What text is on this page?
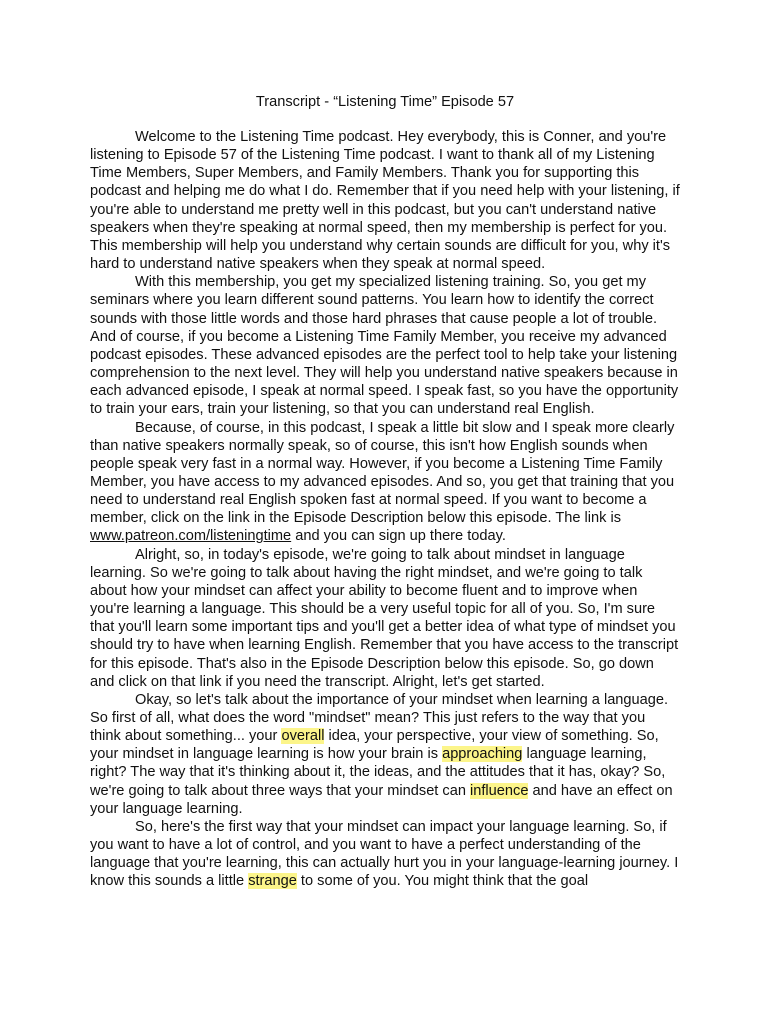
Transcript - “Listening Time” Episode 57

Welcome to the Listening Time podcast. Hey everybody, this is Conner, and you're listening to Episode 57 of the Listening Time podcast. I want to thank all of my Listening Time Members, Super Members, and Family Members. Thank you for supporting this podcast and helping me do what I do. Remember that if you need help with your listening, if you're able to understand me pretty well in this podcast, but you can't understand native speakers when they're speaking at normal speed, then my membership is perfect for you. This membership will help you understand why certain sounds are difficult for you, why it's hard to understand native speakers when they speak at normal speed.

With this membership, you get my specialized listening training. So, you get my seminars where you learn different sound patterns. You learn how to identify the correct sounds with those little words and those hard phrases that cause people a lot of trouble. And of course, if you become a Listening Time Family Member, you receive my advanced podcast episodes. These advanced episodes are the perfect tool to help take your listening comprehension to the next level. They will help you understand native speakers because in each advanced episode, I speak at normal speed. I speak fast, so you have the opportunity to train your ears, train your listening, so that you can understand real English.

Because, of course, in this podcast, I speak a little bit slow and I speak more clearly than native speakers normally speak, so of course, this isn't how English sounds when people speak very fast in a normal way. However, if you become a Listening Time Family Member, you have access to my advanced episodes. And so, you get that training that you need to understand real English spoken fast at normal speed. If you want to become a member, click on the link in the Episode Description below this episode. The link is www.patreon.com/listeningtime and you can sign up there today.

Alright, so, in today's episode, we're going to talk about mindset in language learning. So we're going to talk about having the right mindset, and we're going to talk about how your mindset can affect your ability to become fluent and to improve when you're learning a language. This should be a very useful topic for all of you. So, I'm sure that you'll learn some important tips and you'll get a better idea of what type of mindset you should try to have when learning English. Remember that you have access to the transcript for this episode. That's also in the Episode Description below this episode. So, go down and click on that link if you need the transcript. Alright, let's get started.

Okay, so let's talk about the importance of your mindset when learning a language. So first of all, what does the word "mindset" mean? This just refers to the way that you think about something... your overall idea, your perspective, your view of something. So, your mindset in language learning is how your brain is approaching language learning, right? The way that it's thinking about it, the ideas, and the attitudes that it has, okay? So, we're going to talk about three ways that your mindset can influence and have an effect on your language learning.

So, here's the first way that your mindset can impact your language learning. So, if you want to have a lot of control, and you want to have a perfect understanding of the language that you're learning, this can actually hurt you in your language-learning journey. I know this sounds a little strange to some of you. You might think that the goal
